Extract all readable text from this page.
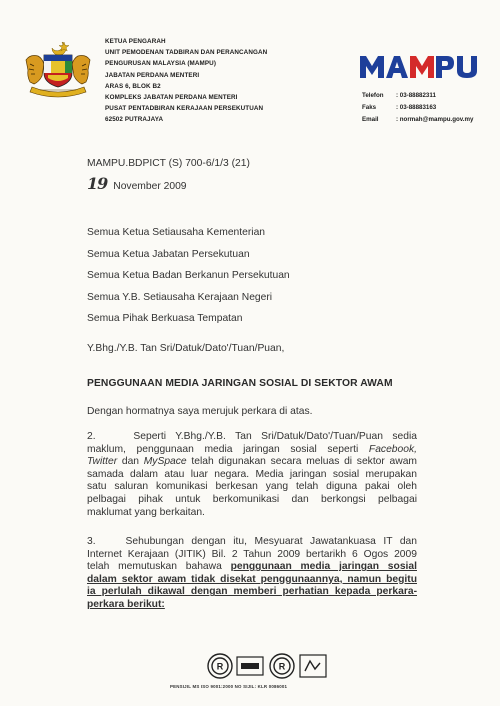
KETUA PENGARAH
UNIT PEMODENAN TADBIRAN DAN PERANCANGAN
PENGURUSAN MALAYSIA (MAMPU)
JABATAN PERDANA MENTERI
ARAS 6, BLOK B2
KOMPLEKS JABATAN PERDANA MENTERI
PUSAT PENTADBIRAN KERAJAAN PERSEKUTUAN
62502 PUTRAJAYA
Telefon	: 03-88882311
Faks	: 03-88883163
Email	: normah@mampu.gov.my
MAMPU.BDPICT (S) 700-6/1/3 (21)
19 November 2009
Semua Ketua Setiausaha Kementerian
Semua Ketua Jabatan Persekutuan
Semua Ketua Badan Berkanun Persekutuan
Semua Y.B. Setiausaha Kerajaan Negeri
Semua Pihak Berkuasa Tempatan
Y.Bhg./Y.B. Tan Sri/Datuk/Dato'/Tuan/Puan,
PENGGUNAAN MEDIA JARINGAN SOSIAL DI SEKTOR AWAM
Dengan hormatnya saya merujuk perkara di atas.
2.    Seperti Y.Bhg./Y.B. Tan Sri/Datuk/Dato'/Tuan/Puan sedia
maklum, penggunaan media jaringan sosial seperti Facebook,
Twitter dan MySpace telah digunakan secara meluas di sektor awam
samada dalam atau luar negara. Media jaringan sosial merupakan
satu saluran komunikasi berkesan yang telah diguna pakai oleh
pelbagai pihak untuk berkomunikasi dan berkongsi pelbagai
maklumat yang berkaitan.
3.    Sehubungan dengan itu, Mesyuarat Jawatankuasa IT dan
Internet Kerajaan (JITIK) Bil. 2 Tahun 2009 bertarikh 6 Ogos 2009
telah memutuskan bahawa penggunaan media jaringan sosial
dalam sektor awam tidak disekat penggunaannya, namun begitu
ia perlulah dikawal dengan memberi perhatian kepada perkara-
perkara berikut:
R	R
PENSIJIL MS ISO 9001:2000 NO SIJIL: KLR 0086001
